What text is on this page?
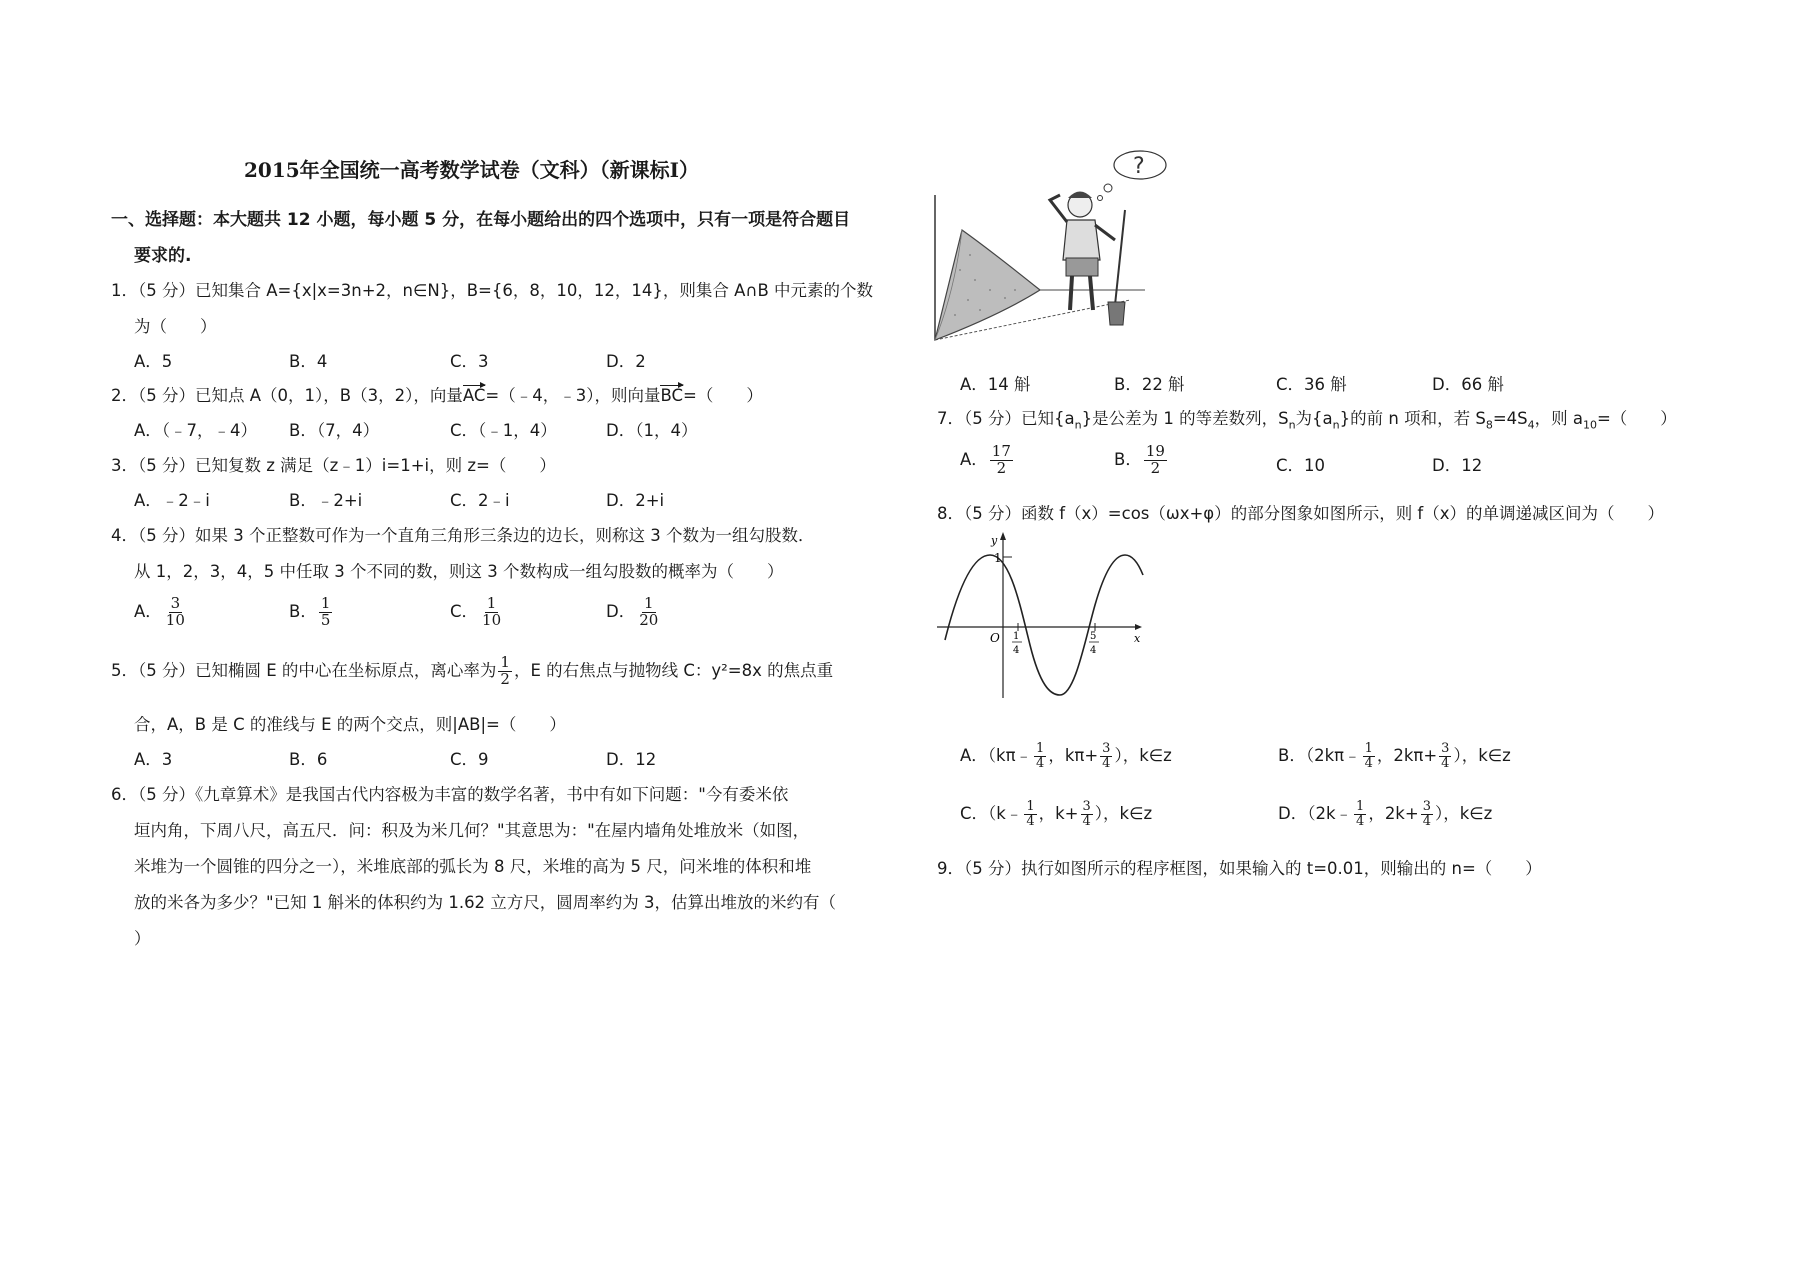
2015年全国统一高考数学试卷（文科）（新课标I）
一、选择题：本大题共 12 小题，每小题 5 分，在每小题给出的四个选项中，只有一项是符合题目
要求的.
1．（5 分）已知集合 A={x|x=3n+2，n∈N}，B={6，8，10，12，14}，则集合 A∩B 中元素的个数
为（　　）
A．5	B．4	C．3	D．2
2．（5 分）已知点 A（0，1），B（3，2），向量AC=（﹣4，﹣3），则向量BC=（　　）
A．（﹣7，﹣4） B．（7，4）	C．（﹣1，4）	D．（1，4）
3．（5 分）已知复数 z 满足（z﹣1）i=1+i，则 z=（　　）
A．﹣2﹣i	B．﹣2+i	C．2﹣i	D．2+i
4．（5 分）如果 3 个正整数可作为一个直角三角形三条边的边长，则称这 3 个数为一组勾股数．
从 1，2，3，4，5 中任取 3 个不同的数，则这 3 个数构成一组勾股数的概率为（　　）
A． $\frac{3}{10}$	B． $\frac{1}{5}$	C． $\frac{1}{10}$	D． $\frac{1}{20}$
5．（5 分）已知椭圆 E 的中心在坐标原点，离心率为 $\frac{1}{2}$ ，E 的右焦点与抛物线 C：y²=8x 的焦点重
合，A，B 是 C 的准线与 E 的两个交点，则|AB|=（　　）
A．3	B．6	C．9	D．12
6．（5 分）《九章算术》是我国古代内容极为丰富的数学名著，书中有如下问题："今有委米依
垣内角，下周八尺，高五尺．问：积及为米几何？"其意思为："在屋内墙角处堆放米（如图，
米堆为一个圆锥的四分之一），米堆底部的弧长为 8 尺，米堆的高为 5 尺，问米堆的体积和堆
放的米各为多少？"已知 1 斛米的体积约为 1.62 立方尺，圆周率约为 3，估算出堆放的米约有（
）
?
A．14 斛	B．22 斛	C．36 斛	D．66 斛
7．（5 分）已知$\{a_n\}$是公差为 1 的等差数列，$S_n$为$\{a_n\}$的前 n 项和，若 $S_8=4S_4$，则 $a_{10}=$（　　）
A． $\frac{17}{2}$	B． $\frac{19}{2}$	C．10	D．12
8．（5 分）函数 f（x）=cos（ωx+φ）的部分图象如图所示，则 f（x）的单调递减区间为（　　）
y
x
O
1
1
4
5
4
A．（kπ﹣ $\frac{1}{4}$ ，$k\pi+ \frac{3}{4}$ ），k∈z	B．（2kπ﹣ $\frac{1}{4}$ ，$2k\pi+ \frac{3}{4}$ ），k∈z
C．（k﹣ $\frac{1}{4}$ ，$k+ \frac{3}{4}$ ），k∈z	D．（2k﹣ $\frac{1}{4}$ ，$2k+ \frac{3}{4}$ ），k∈z
9．（5 分）执行如图所示的程序框图，如果输入的 t=0.01，则输出的 n=（　　）
